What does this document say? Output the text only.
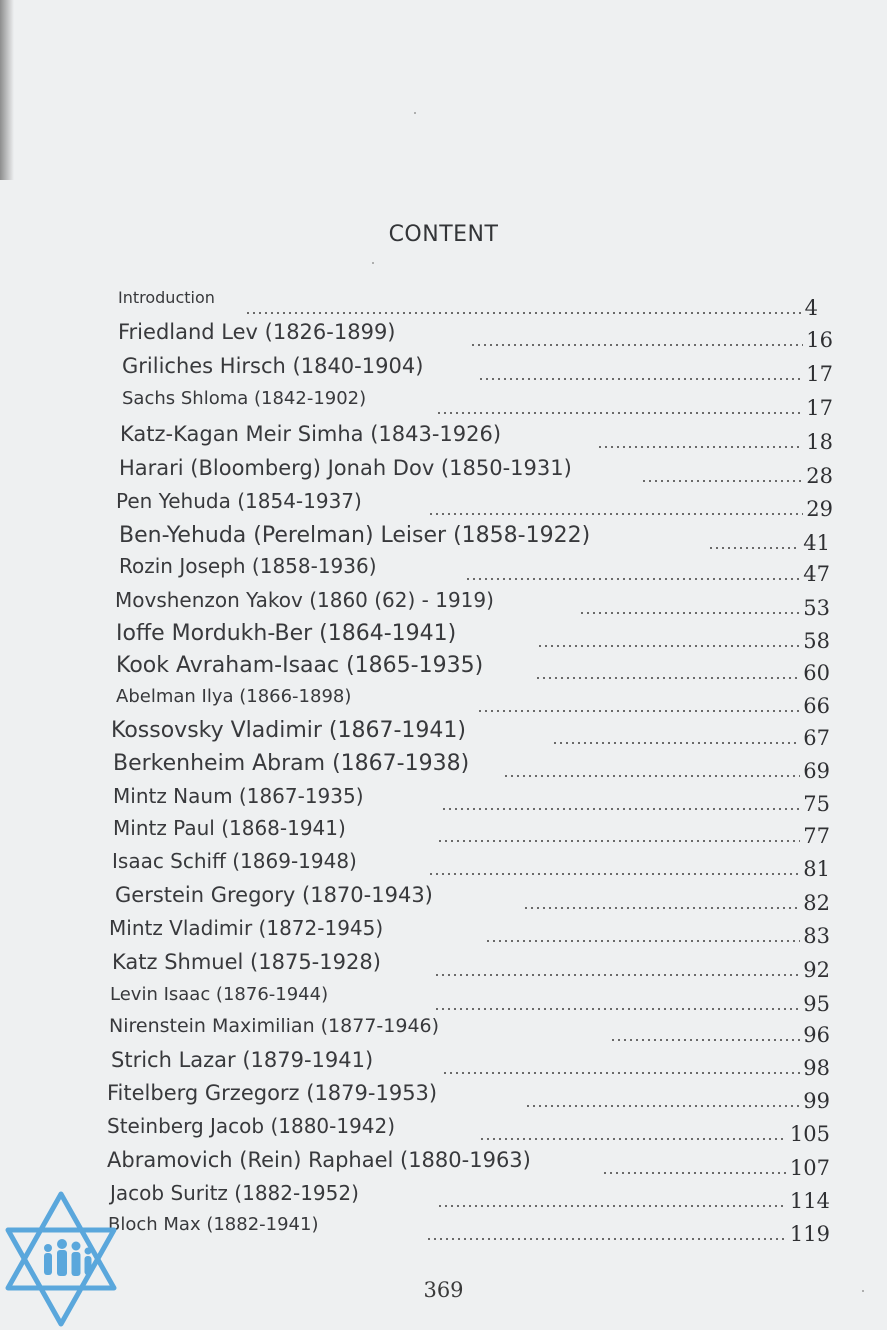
CONTENT
Introduction	4
Friedland Lev (1826-1899)	16
Griliches Hirsch (1840-1904)	17
Sachs Shloma (1842-1902)	17
Katz-Kagan Meir Simha (1843-1926)	18
Harari (Bloomberg) Jonah Dov (1850-1931)	28
Pen Yehuda (1854-1937)	29
Ben-Yehuda (Perelman) Leiser (1858-1922)	41
Rozin Joseph (1858-1936)	47
Movshenzon Yakov (1860 (62) - 1919)	53
Ioffe Mordukh-Ber (1864-1941)	58
Kook Avraham-Isaac (1865-1935)	60
Abelman Ilya (1866-1898)	66
Kossovsky Vladimir (1867-1941)	67
Berkenheim Abram (1867-1938)	69
Mintz Naum (1867-1935)	75
Mintz Paul (1868-1941)	77
Isaac Schiff (1869-1948)	81
Gerstein Gregory (1870-1943)	82
Mintz Vladimir (1872-1945)	83
Katz Shmuel (1875-1928)	92
Levin Isaac (1876-1944)	95
Nirenstein Maximilian (1877-1946)	96
Strich Lazar (1879-1941)	98
Fitelberg Grzegorz (1879-1953)	99
Steinberg Jacob (1880-1942)	105
Abramovich (Rein) Raphael (1880-1963)	107
Jacob Suritz (1882-1952)	114
Bloch Max (1882-1941)	119
369
